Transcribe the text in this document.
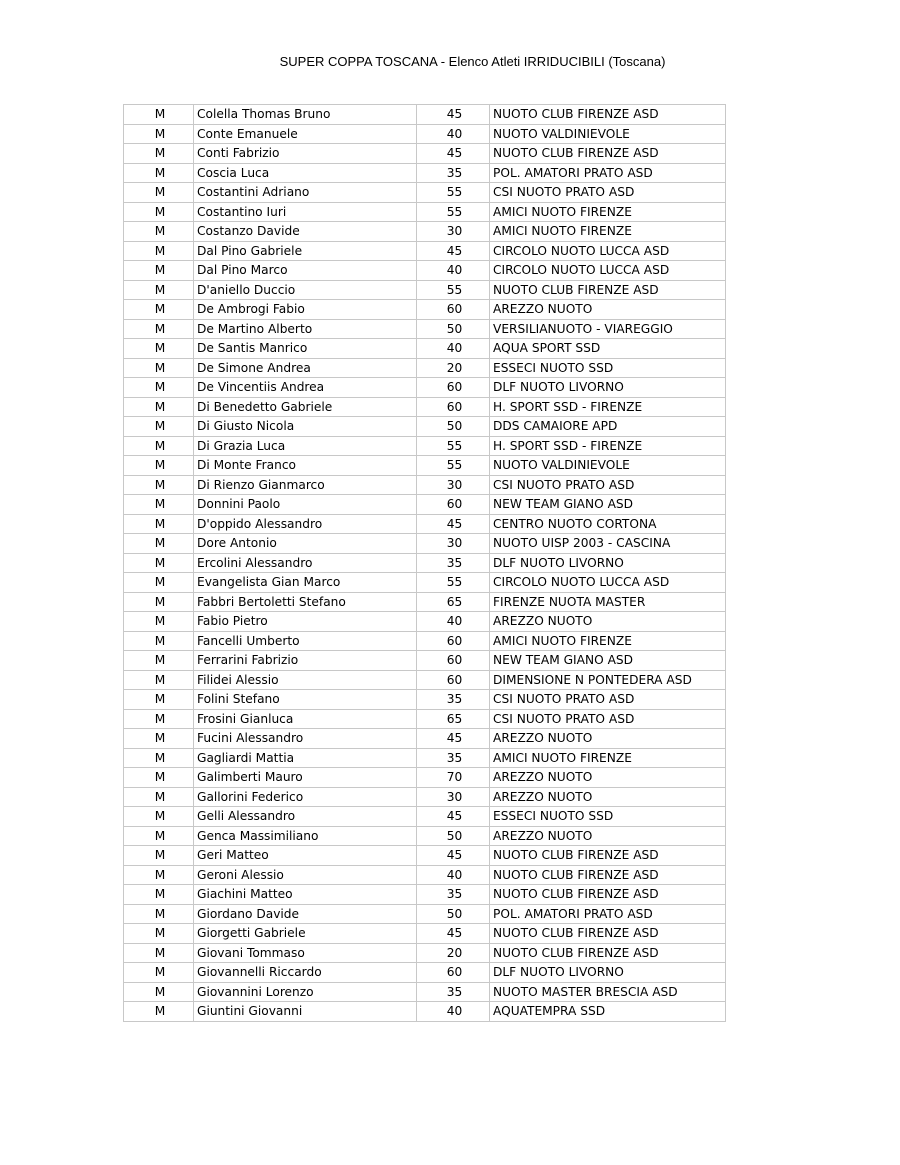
SUPER COPPA TOSCANA - Elenco Atleti IRRIDUCIBILI (Toscana)
M	Colella Thomas Bruno	45	NUOTO CLUB FIRENZE ASD
M	Conte Emanuele	40	NUOTO VALDINIEVOLE
M	Conti Fabrizio	45	NUOTO CLUB FIRENZE ASD
M	Coscia Luca	35	POL. AMATORI PRATO ASD
M	Costantini Adriano	55	CSI NUOTO PRATO ASD
M	Costantino Iuri	55	AMICI NUOTO FIRENZE
M	Costanzo Davide	30	AMICI NUOTO FIRENZE
M	Dal Pino Gabriele	45	CIRCOLO NUOTO LUCCA ASD
M	Dal Pino Marco	40	CIRCOLO NUOTO LUCCA ASD
M	D'aniello Duccio	55	NUOTO CLUB FIRENZE ASD
M	De Ambrogi Fabio	60	AREZZO NUOTO
M	De Martino Alberto	50	VERSILIANUOTO - VIAREGGIO
M	De Santis Manrico	40	AQUA SPORT SSD
M	De Simone Andrea	20	ESSECI NUOTO SSD
M	De Vincentiis Andrea	60	DLF NUOTO LIVORNO
M	Di Benedetto Gabriele	60	H. SPORT SSD - FIRENZE
M	Di Giusto Nicola	50	DDS CAMAIORE APD
M	Di Grazia Luca	55	H. SPORT SSD - FIRENZE
M	Di Monte Franco	55	NUOTO VALDINIEVOLE
M	Di Rienzo Gianmarco	30	CSI NUOTO PRATO ASD
M	Donnini Paolo	60	NEW TEAM GIANO ASD
M	D'oppido Alessandro	45	CENTRO NUOTO CORTONA
M	Dore Antonio	30	NUOTO UISP 2003 - CASCINA
M	Ercolini Alessandro	35	DLF NUOTO LIVORNO
M	Evangelista Gian Marco	55	CIRCOLO NUOTO LUCCA ASD
M	Fabbri Bertoletti Stefano	65	FIRENZE NUOTA MASTER
M	Fabio Pietro	40	AREZZO NUOTO
M	Fancelli Umberto	60	AMICI NUOTO FIRENZE
M	Ferrarini Fabrizio	60	NEW TEAM GIANO ASD
M	Filidei Alessio	60	DIMENSIONE N PONTEDERA ASD
M	Folini Stefano	35	CSI NUOTO PRATO ASD
M	Frosini Gianluca	65	CSI NUOTO PRATO ASD
M	Fucini Alessandro	45	AREZZO NUOTO
M	Gagliardi Mattia	35	AMICI NUOTO FIRENZE
M	Galimberti Mauro	70	AREZZO NUOTO
M	Gallorini Federico	30	AREZZO NUOTO
M	Gelli Alessandro	45	ESSECI NUOTO SSD
M	Genca Massimiliano	50	AREZZO NUOTO
M	Geri Matteo	45	NUOTO CLUB FIRENZE ASD
M	Geroni Alessio	40	NUOTO CLUB FIRENZE ASD
M	Giachini Matteo	35	NUOTO CLUB FIRENZE ASD
M	Giordano Davide	50	POL. AMATORI PRATO ASD
M	Giorgetti Gabriele	45	NUOTO CLUB FIRENZE ASD
M	Giovani Tommaso	20	NUOTO CLUB FIRENZE ASD
M	Giovannelli Riccardo	60	DLF NUOTO LIVORNO
M	Giovannini Lorenzo	35	NUOTO MASTER BRESCIA ASD
M	Giuntini Giovanni	40	AQUATEMPRA SSD
